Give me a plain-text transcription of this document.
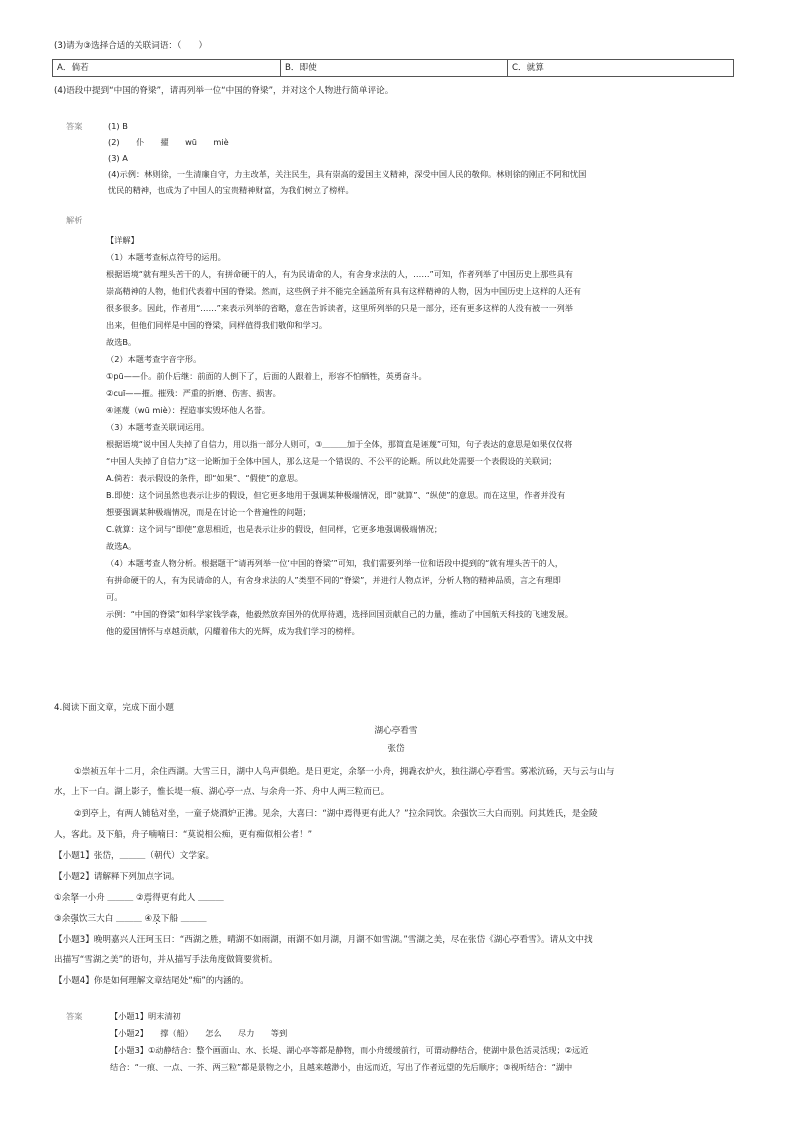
(3)请为③选择合适的关联词语：（　　）
A．倘若	B．即使	C．就算
(4)语段中提到“中国的脊梁”，请再列举一位“中国的脊梁”，并对这个人物进行简单评论。
答案	(1) B
(2)　　仆　　擢　　wū　　miè
(3) A
(4)示例：林则徐，一生清廉自守，力主改革，关注民生，具有崇高的爱国主义精神，深受中国人民的敬仰。林则徐的刚正不阿和忧国
忧民的精神，也成为了中国人的宝贵精神财富，为我们树立了榜样。
解析
【详解】
（1）本题考查标点符号的运用。
根据语境“就有埋头苦干的人，有拼命硬干的人，有为民请命的人，有舍身求法的人，……”可知，作者列举了中国历史上那些具有
崇高精神的人物，他们代表着中国的脊梁。然而，这些例子并不能完全涵盖所有具有这样精神的人物，因为中国历史上这样的人还有
很多很多。因此，作者用“……”来表示列举的省略，意在告诉读者，这里所列举的只是一部分，还有更多这样的人没有被一一列举
出来，但他们同样是中国的脊梁，同样值得我们敬仰和学习。
故选B。
（2）本题考查字音字形。
①pū——仆。前仆后继：前面的人倒下了，后面的人跟着上，形容不怕牺牲，英勇奋斗。
②cuī——摧。摧残：严重的折磨、伤害、损害。
④诬蔑（wū miè）：捏造事实毁坏他人名誉。
（3）本题考查关联词运用。
根据语境“说中国人失掉了自信力，用以指一部分人则可，③＿＿＿加于全体，那简直是诬蔑”可知，句子表达的意思是如果仅仅将
“中国人失掉了自信力”这一论断加于全体中国人，那么这是一个错误的、不公平的论断。所以此处需要一个表假设的关联词；
A.倘若：表示假设的条件，即“如果”、“假使”的意思。
B.即使：这个词虽然也表示让步的假设，但它更多地用于强调某种极端情况，即“就算”、“纵使”的意思。而在这里，作者并没有
想要强调某种极端情况，而是在讨论一个普遍性的问题；
C.就算：这个词与“即使”意思相近，也是表示让步的假设，但同样，它更多地强调极端情况；
故选A。
（4）本题考查人物分析。根据题干“请再列举一位‘中国的脊梁’”可知，我们需要列举一位和语段中提到的“就有埋头苦干的人，
有拼命硬干的人，有为民请命的人，有舍身求法的人”类型不同的“脊梁”，并进行人物点评，分析人物的精神品质，言之有理即
可。
示例：“中国的脊梁”如科学家钱学森，他毅然放弃国外的优厚待遇，选择回国贡献自己的力量，推动了中国航天科技的飞速发展。
他的爱国情怀与卓越贡献，闪耀着伟大的光辉，成为我们学习的榜样。
4.阅读下面文章，完成下面小题
湖心亭看雪
张岱
①崇祯五年十二月，余住西湖。大雪三日，湖中人鸟声俱绝。是日更定，余拏一小舟，拥毳衣炉火，独往湖心亭看雪。雾凇沆砀，天与云与山与
水，上下一白。湖上影子，惟长堤一痕、湖心亭一点、与余舟一芥、舟中人两三粒而已。
②到亭上，有两人铺毡对坐，一童子烧酒炉正沸。见余，大喜曰：“湖中焉得更有此人？”拉余同饮。余强饮三大白而别。问其姓氏，是金陵
人，客此。及下船，舟子喃喃曰：“莫说相公痴，更有痴似相公者！”
【小题1】张岱，＿＿＿（朝代）文学家。
【小题2】请解释下列加点字词。
①余拏一小舟 ＿＿＿ ②焉得更有此人 ＿＿＿
③余强饮三大白 ＿＿＿ ④及下船 ＿＿＿
【小题3】晚明嘉兴人汪珂玉曰：“西湖之胜，晴湖不如雨湖，雨湖不如月湖，月湖不如雪湖。”雪湖之美，尽在张岱《湖心亭看雪》。请从文中找
出描写“雪湖之美”的语句，并从描写手法角度做简要赏析。
【小题4】你是如何理解文章结尾处“痴”的内涵的。
答案	【小题1】明末清初
【小题2】　　撑（船）　　怎么　　尽力　　等到
【小题3】①动静结合：整个画面山、水、长堤、湖心亭等都是静物，而小舟缓缓前行，可谓动静结合，使湖中景色活灵活现；②远近
结合：“一痕、一点、一芥、两三粒”都是景物之小，且越来越渺小，由远而近，写出了作者远望的先后顺序；③视听结合：“湖中
